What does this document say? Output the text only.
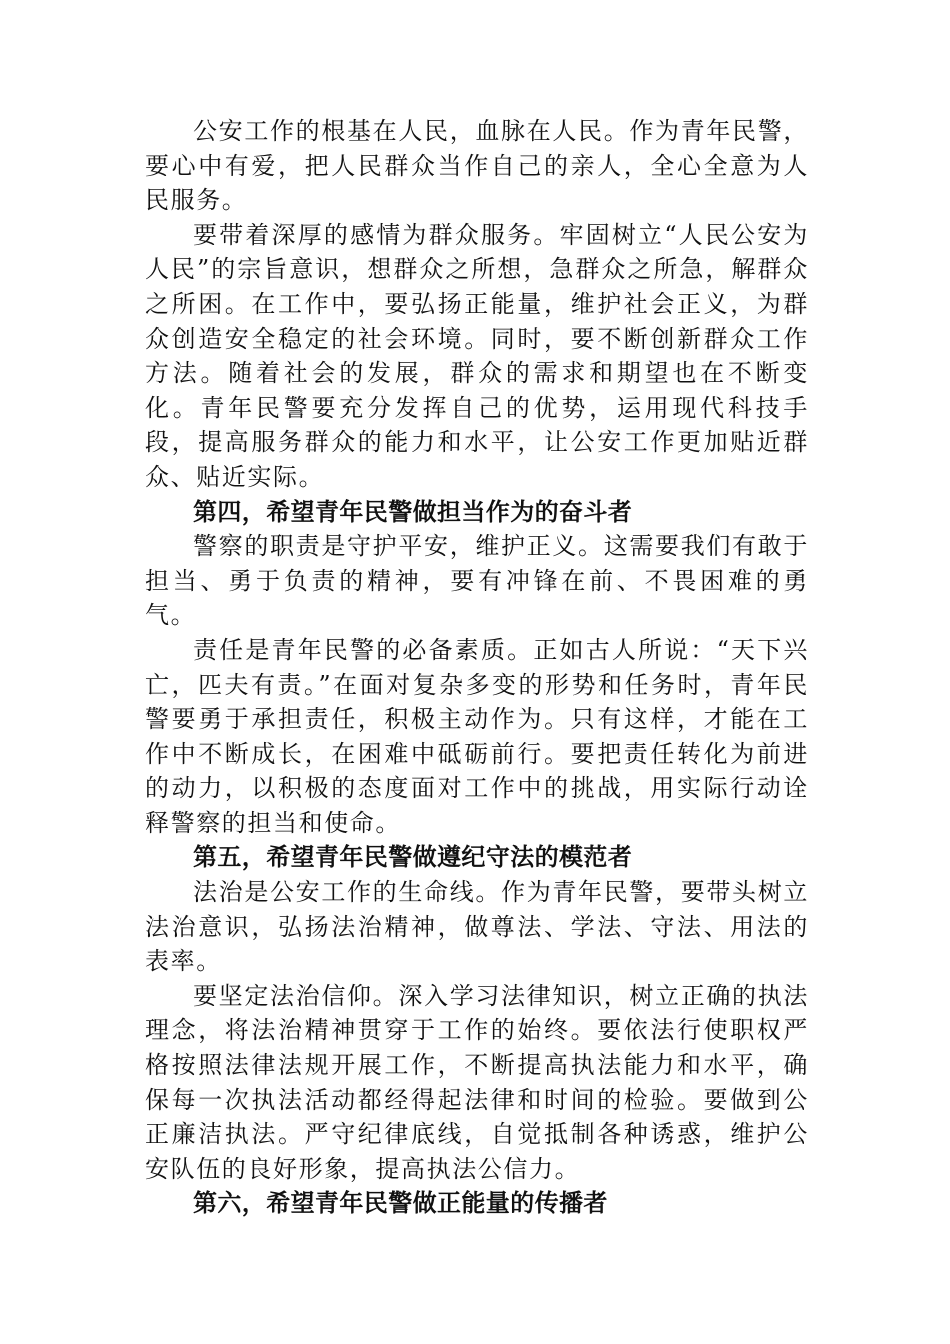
公安工作的根基在人民，血脉在人民。作为青年民警，要心中有爱，把人民群众当作自己的亲人，全心全意为人民服务。

要带着深厚的感情为群众服务。牢固树立“人民公安为人民”的宗旨意识，想群众之所想，急群众之所急，解群众之所困。在工作中，要弘扬正能量，维护社会正义，为群众创造安全稳定的社会环境。同时，要不断创新群众工作方法。随着社会的发展，群众的需求和期望也在不断变化。青年民警要充分发挥自己的优势，运用现代科技手段，提高服务群众的能力和水平，让公安工作更加贴近群众、贴近实际。

第四，希望青年民警做担当作为的奋斗者

警察的职责是守护平安，维护正义。这需要我们有敢于担当、勇于负责的精神，要有冲锋在前、不畏困难的勇气。

责任是青年民警的必备素质。正如古人所说：“天下兴亡，匹夫有责。”在面对复杂多变的形势和任务时，青年民警要勇于承担责任，积极主动作为。只有这样，才能在工作中不断成长，在困难中砥砺前行。要把责任转化为前进的动力，以积极的态度面对工作中的挑战，用实际行动诠释警察的担当和使命。

第五，希望青年民警做遵纪守法的模范者

法治是公安工作的生命线。作为青年民警，要带头树立法治意识，弘扬法治精神，做尊法、学法、守法、用法的表率。

要坚定法治信仰。深入学习法律知识，树立正确的执法理念，将法治精神贯穿于工作的始终。要依法行使职权严格按照法律法规开展工作，不断提高执法能力和水平，确保每一次执法活动都经得起法律和时间的检验。要做到公正廉洁执法。严守纪律底线，自觉抵制各种诱惑，维护公安队伍的良好形象，提高执法公信力。

第六，希望青年民警做正能量的传播者
